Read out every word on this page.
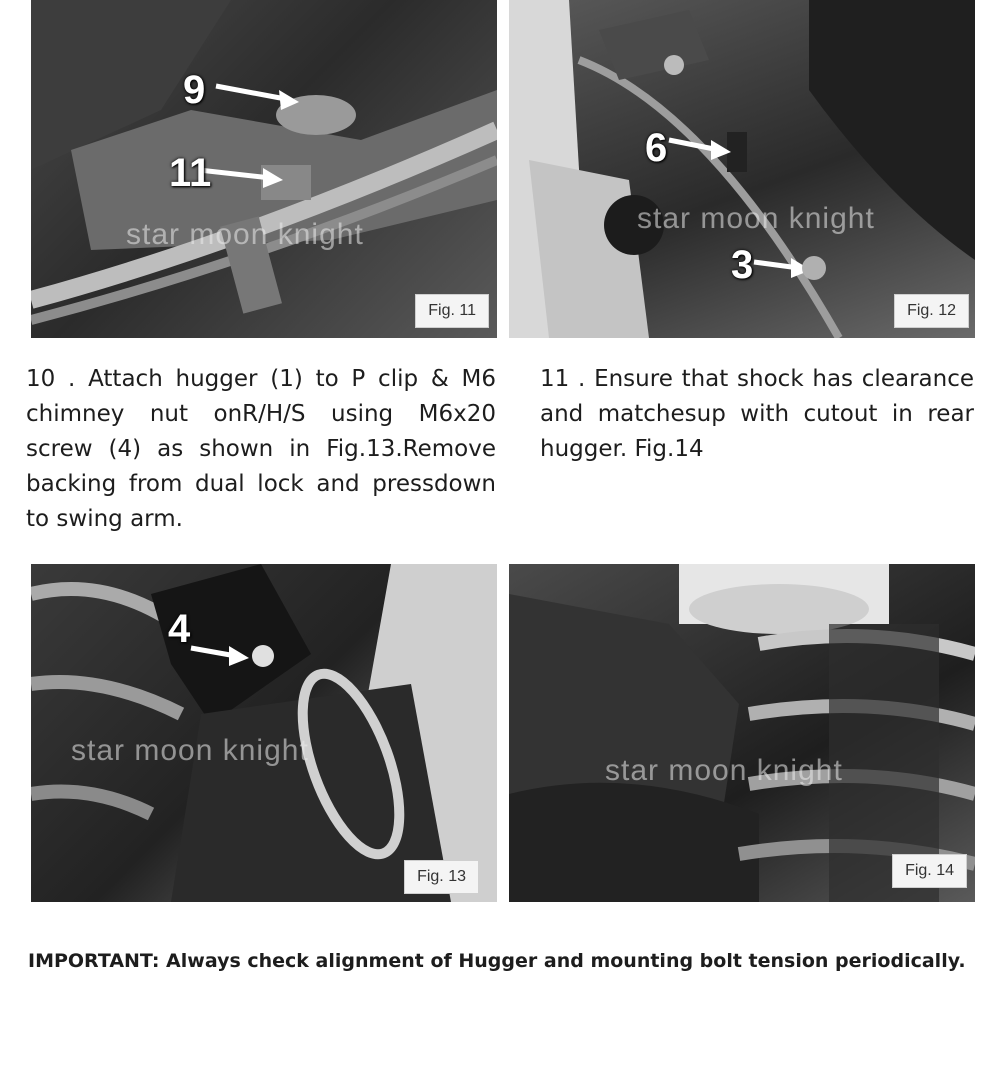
9
11
star moon knight
Fig. 11
6
3
star moon knight
Fig. 12
10 . Attach hugger (1) to P clip & M6 chimney nut onR/H/S using M6x20 screw (4) as shown in Fig.13.Remove backing from dual lock and pressdown to swing arm.
11 . Ensure that shock has clearance and matchesup with cutout in rear hugger. Fig.14
4
star moon knight
Fig. 13
star moon knight
Fig. 14
IMPORTANT: Always check alignment of Hugger and mounting bolt tension periodically.
